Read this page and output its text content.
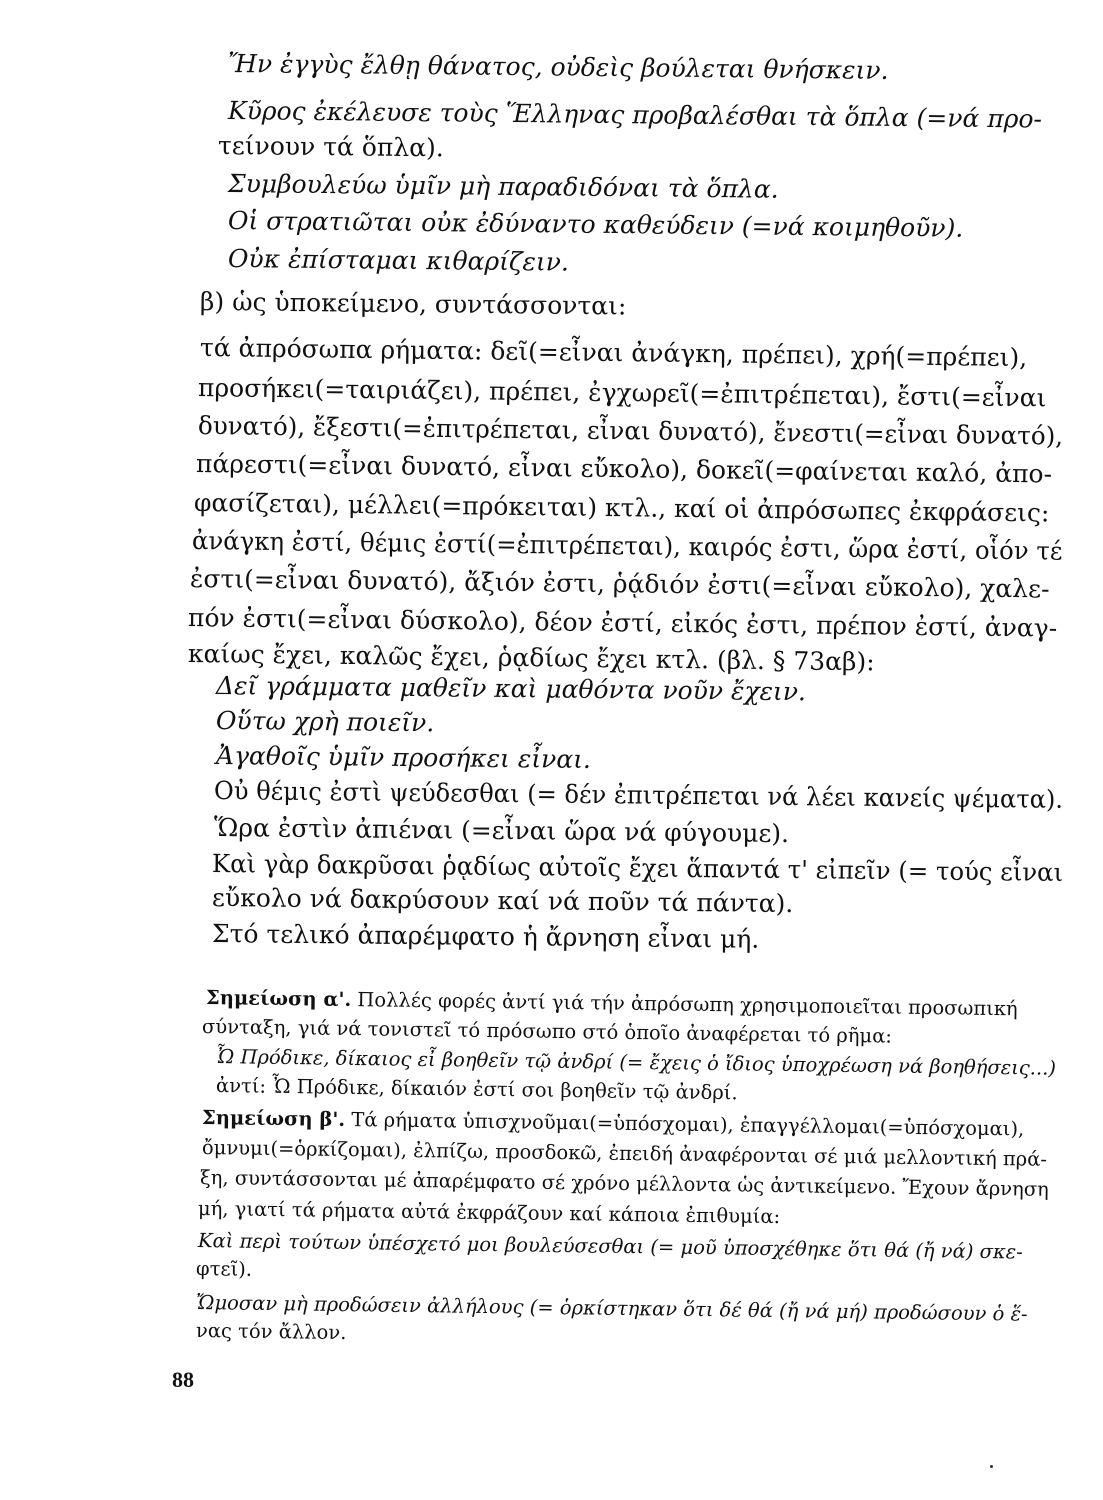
Ἤν ἐγγὺς ἔλθῃ θάνατος, οὐδεὶς βούλεται θνήσκειν.
Κῦρος ἐκέλευσε τοὺς Ἕλληνας προβαλέσθαι τὰ ὅπλα (=νά προ-
τείνουν τά ὅπλα).
Συμβουλεύω ὑμῖν μὴ παραδιδόναι τὰ ὅπλα.
Οἱ στρατιῶται οὐκ ἐδύναντο καθεύδειν (=νά κοιμηθοῦν).
Οὐκ ἐπίσταμαι κιθαρίζειν.
β) ὡς ὑποκείμενο, συντάσσονται:
τά ἀπρόσωπα ρήματα: δεῖ(=εἶναι ἀνάγκη, πρέπει), χρή(=πρέπει),
προσήκει(=ταιριάζει), πρέπει, ἐγχωρεῖ(=ἐπιτρέπεται), ἔστι(=εἶναι
δυνατό), ἔξεστι(=ἐπιτρέπεται, εἶναι δυνατό), ἔνεστι(=εἶναι δυνατό),
πάρεστι(=εἶναι δυνατό, εἶναι εὔκολο), δοκεῖ(=φαίνεται καλό, ἀπο-
φασίζεται), μέλλει(=πρόκειται) κτλ., καί οἱ ἀπρόσωπες ἐκφράσεις:
ἀνάγκη ἐστί, θέμις ἐστί(=ἐπιτρέπεται), καιρός ἐστι, ὥρα ἐστί, οἷόν τέ
ἐστι(=εἶναι δυνατό), ἄξιόν ἐστι, ῥᾴδιόν ἐστι(=εἶναι εὔκολο), χαλε-
πόν ἐστι(=εἶναι δύσκολο), δέον ἐστί, εἰκός ἐστι, πρέπον ἐστί, ἀναγ-
καίως ἔχει, καλῶς ἔχει, ῥᾳδίως ἔχει κτλ. (βλ. § 73αβ):
Δεῖ γράμματα μαθεῖν καὶ μαθόντα νοῦν ἔχειν.
Οὕτω χρὴ ποιεῖν.
Ἀγαθοῖς ὑμῖν προσήκει εἶναι.
Οὐ θέμις ἐστὶ ψεύδεσθαι (= δέν ἐπιτρέπεται νά λέει κανείς ψέματα).
Ὥρα ἐστὶν ἀπιέναι (=εἶναι ὥρα νά φύγουμε).
Καὶ γὰρ δακρῦσαι ῥᾳδίως αὐτοῖς ἔχει ἅπαντά τ' εἰπεῖν (= τούς εἶναι
εὔκολο νά δακρύσουν καί νά ποῦν τά πάντα).
Στό τελικό ἀπαρέμφατο ἡ ἄρνηση εἶναι μή.
Σημείωση α'. Πολλές φορές ἀντί γιά τήν ἀπρόσωπη χρησιμοποιεῖται προσωπική
σύνταξη, γιά νά τονιστεῖ τό πρόσωπο στό ὁποῖο ἀναφέρεται τό ρῆμα:
Ὦ Πρόδικε, δίκαιος εἶ βοηθεῖν τῷ ἀνδρί (= ἔχεις ὁ ἴδιος ὑποχρέωση νά βοηθήσεις...)
ἀντί: Ὦ Πρόδικε, δίκαιόν ἐστί σοι βοηθεῖν τῷ ἀνδρί.
Σημείωση β'. Τά ρήματα ὑπισχνοῦμαι(=ὑπόσχομαι), ἐπαγγέλλομαι(=ὑπόσχομαι),
ὄμνυμι(=ὁρκίζομαι), ἐλπίζω, προσδοκῶ, ἐπειδή ἀναφέρονται σέ μιά μελλοντική πρά-
ξη, συντάσσονται μέ ἀπαρέμφατο σέ χρόνο μέλλοντα ὡς ἀντικείμενο. Ἔχουν ἄρνηση
μή, γιατί τά ρήματα αὐτά ἐκφράζουν καί κάποια ἐπιθυμία:
Καὶ περὶ τούτων ὑπέσχετό μοι βουλεύσεσθαι (= μοῦ ὑποσχέθηκε ὅτι θά (ἤ νά) σκε-
φτεῖ).
Ὤμοσαν μὴ προδώσειν ἀλλήλους (= ὁρκίστηκαν ὅτι δέ θά (ἤ νά μή) προδώσουν ὁ ἕ-
νας τόν ἄλλον.
88
